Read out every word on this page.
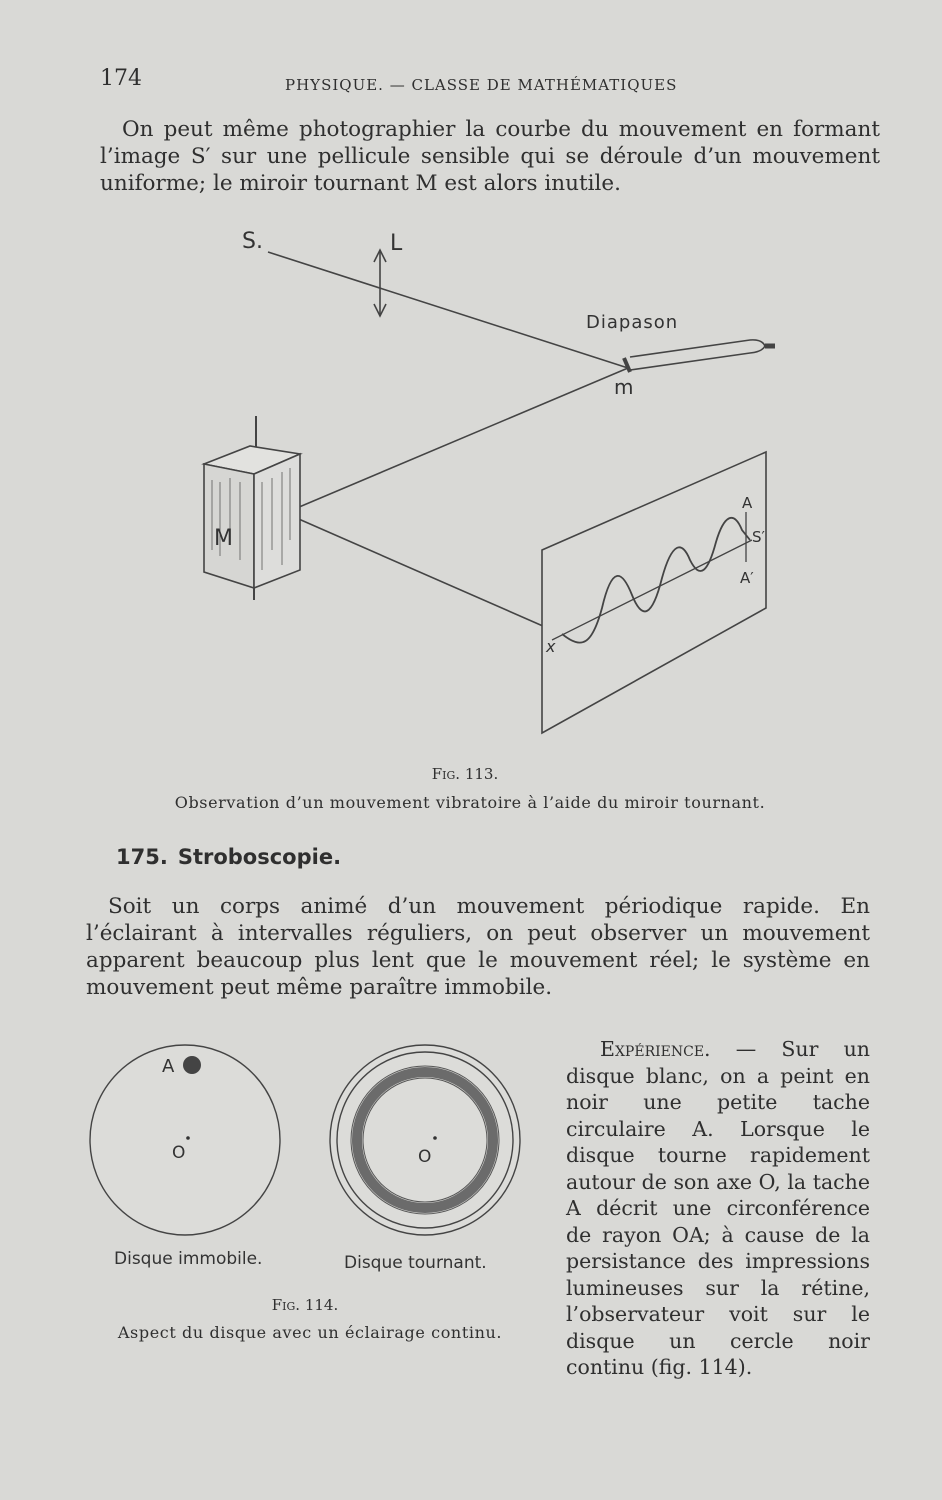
174	PHYSIQUE. — CLASSE DE MATHÉMATIQUES

On peut même photographier la courbe du mouvement en formant l’image S′ sur une pellicule sensible qui se déroule d’un mouvement uniforme; le miroir tournant M est alors inutile.

S.	L
Diapason
m
M
A
S′
A′
x
Fig. 113.
Observation d’un mouvement vibratoire à l’aide du miroir tournant.
175. Stroboscopie.

Soit un corps animé d’un mouvement périodique rapide. En l’éclairant à intervalles réguliers, on peut observer un mouvement apparent beaucoup plus lent que le mouvement réel; le système en mouvement peut même paraître immobile.

A
O	O
Disque immobile.	Disque tournant.
Fig. 114.
Aspect du disque avec un éclairage continu.

Expérience. — Sur un disque blanc, on a peint en noir une petite tache circulaire A. Lorsque le disque tourne rapidement autour de son axe O, la tache A décrit une circonférence de rayon OA; à cause de la persistance des impressions lumineuses sur la rétine, l’observateur voit sur le disque un cercle noir continu (fig. 114).
